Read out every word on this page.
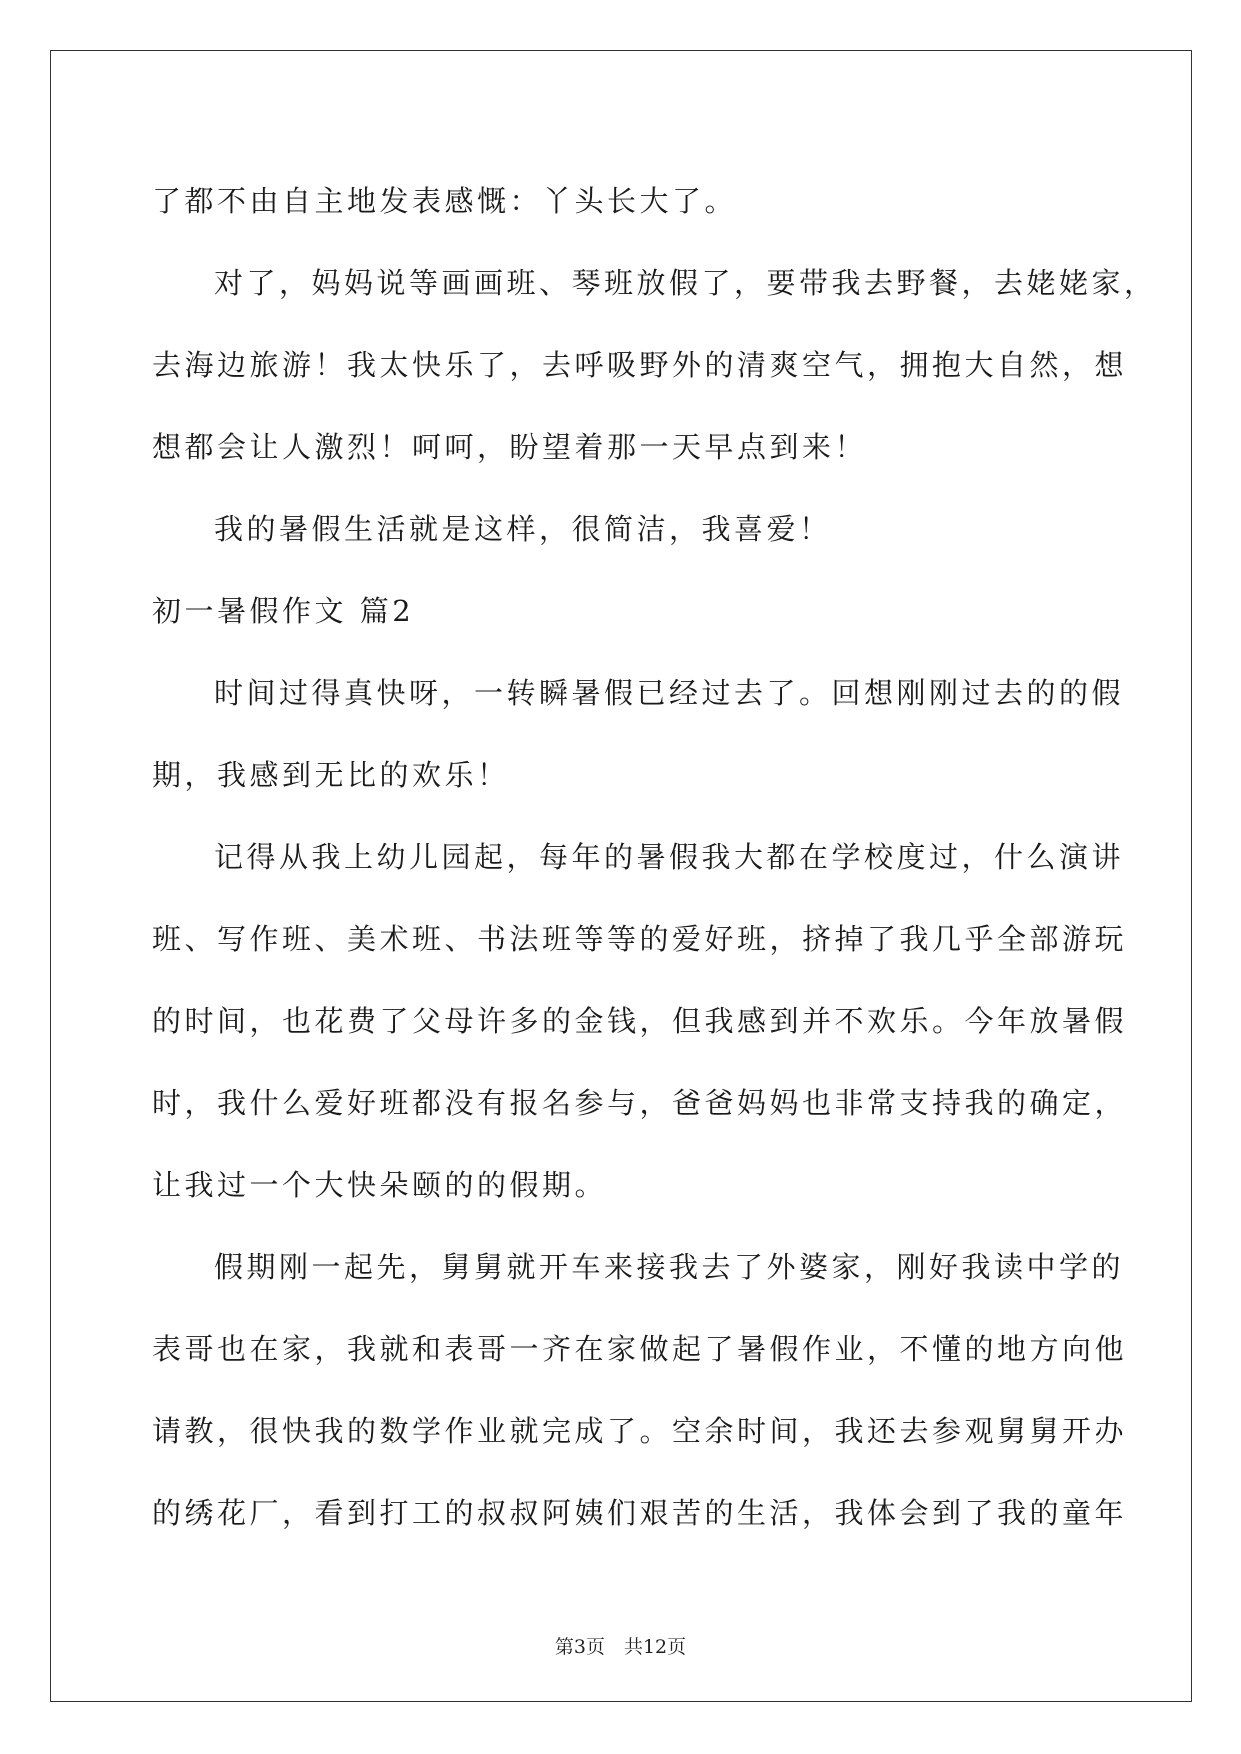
了都不由自主地发表感慨：丫头长大了。
对了，妈妈说等画画班、琴班放假了，要带我去野餐，去姥姥家，
去海边旅游！我太快乐了，去呼吸野外的清爽空气，拥抱大自然，想
想都会让人激烈！呵呵，盼望着那一天早点到来！
我的暑假生活就是这样，很简洁，我喜爱！
初一暑假作文 篇2
时间过得真快呀，一转瞬暑假已经过去了。回想刚刚过去的的假
期，我感到无比的欢乐！
记得从我上幼儿园起，每年的暑假我大都在学校度过，什么演讲
班、写作班、美术班、书法班等等的爱好班，挤掉了我几乎全部游玩
的时间，也花费了父母许多的金钱，但我感到并不欢乐。今年放暑假
时，我什么爱好班都没有报名参与，爸爸妈妈也非常支持我的确定，
让我过一个大快朵颐的的假期。
假期刚一起先，舅舅就开车来接我去了外婆家，刚好我读中学的
表哥也在家，我就和表哥一齐在家做起了暑假作业，不懂的地方向他
请教，很快我的数学作业就完成了。空余时间，我还去参观舅舅开办
的绣花厂，看到打工的叔叔阿姨们艰苦的生活，我体会到了我的童年
第3页　共12页
